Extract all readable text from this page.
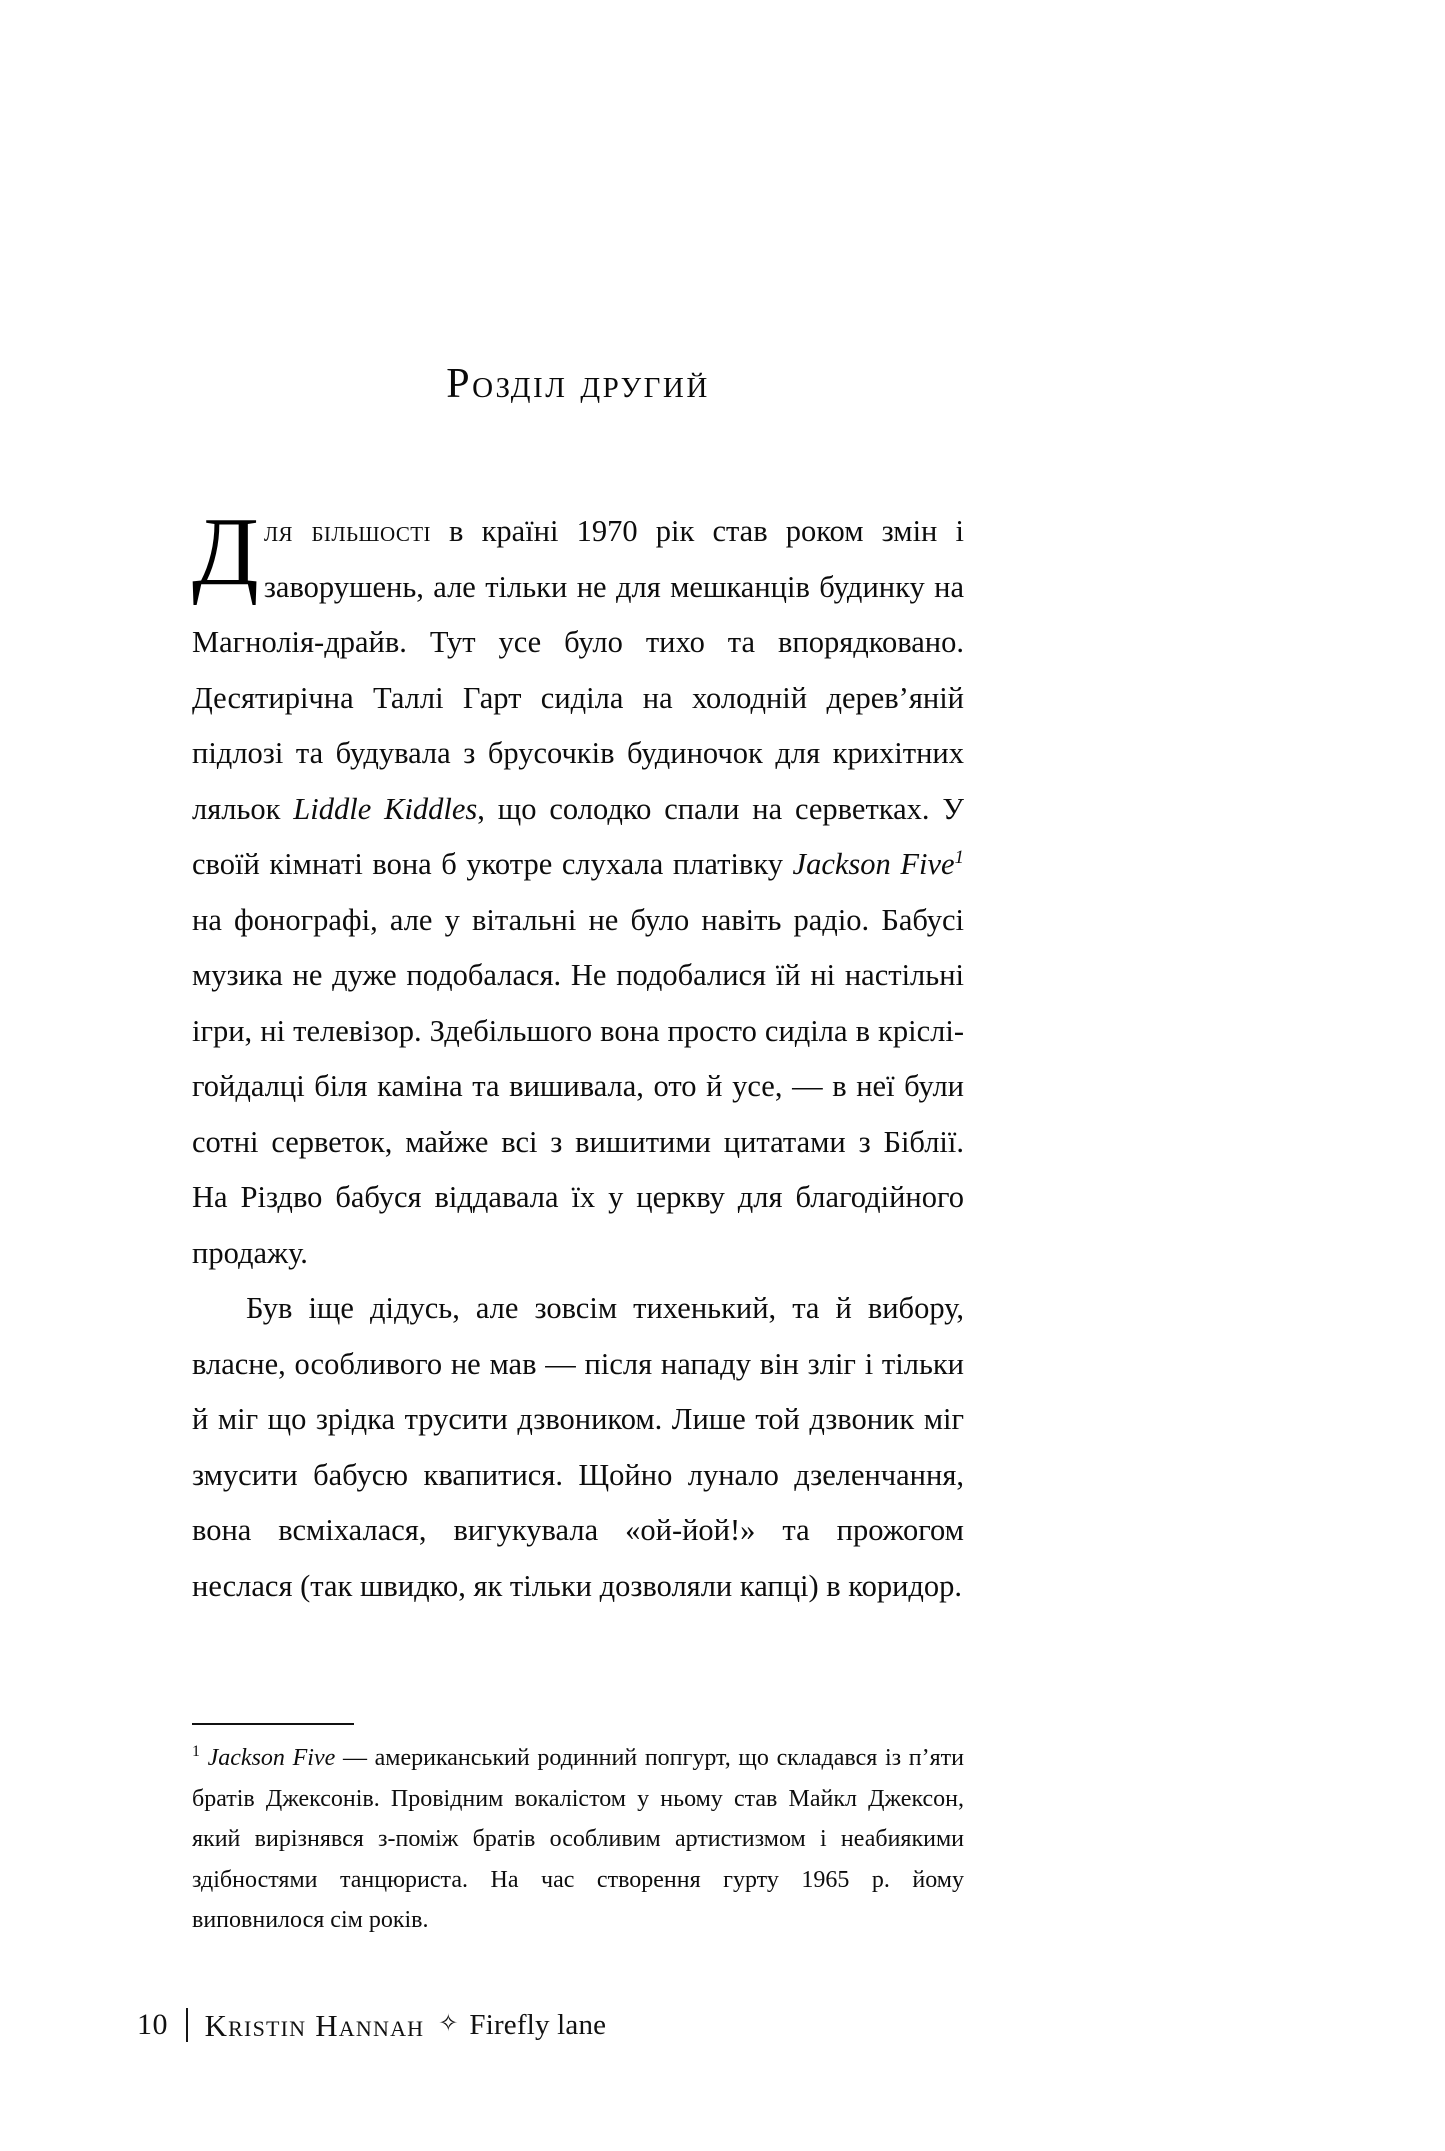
Розділ другий

Для більшості в країні 1970 рік став роком змін і заворушень, але тільки не для мешканців будинку на Магнолія-драйв. Тут усе було тихо та впорядковано. Десятирічна Таллі Гарт сиділа на холодній дерев’яній підлозі та будувала з брусочків будиночок для крихітних ляльок Liddle Kiddles, що солодко спали на серветках. У своїй кімнаті вона б укотре слухала платівку Jackson Five$^1$ на фонографі, але у вітальні не було навіть радіо. Бабусі музика не дуже подобалася. Не подобалися їй ні настільні ігри, ні телевізор. Здебільшого вона просто сиділа в кріслі-гойдалці біля каміна та вишивала, ото й усе, — в неї були сотні серветок, майже всі з вишитими цитатами з Біблії. На Різдво бабуся віддавала їх у церкву для благодійного продажу.

Був іще дідусь, але зовсім тихенький, та й вибору, власне, особливого не мав — після нападу він зліг і тільки й міг що зрідка трусити дзвоником. Лише той дзвоник міг змусити бабусю квапитися. Щойно лунало дзеленчання, вона всміхалася, вигукувала «ой-йой!» та прожогом неслася (так швидко, як тільки дозволяли капці) в коридор.

$^1$ Jackson Five — американський родинний попгурт, що складався із п’яти братів Джексонів. Провідним вокалістом у ньому став Майкл Джексон, який вирізнявся з-поміж братів особливим артистизмом і неабиякими здібностями танцюриста. На час створення гурту 1965 р. йому виповнилося сім років.

10 Kristin Hannah ✧ Firefly lane
